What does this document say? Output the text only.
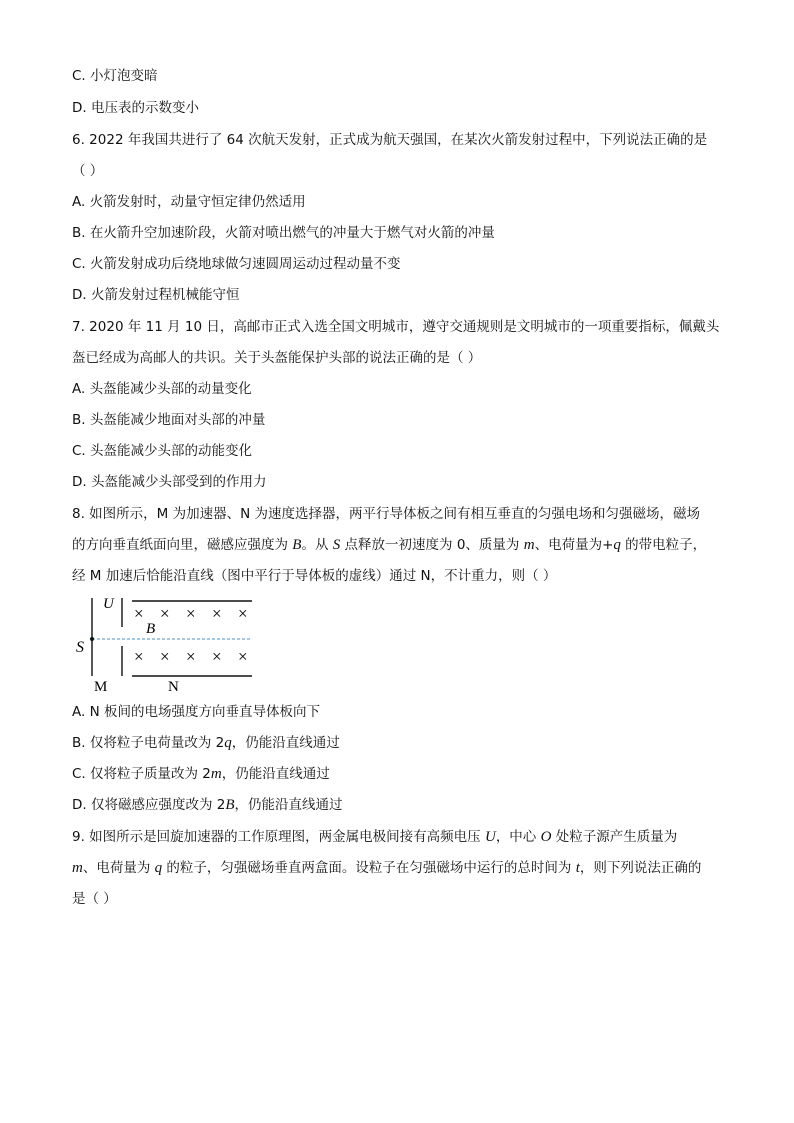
C. 小灯泡变暗
D. 电压表的示数变小
6. 2022 年我国共进行了 64 次航天发射，正式成为航天强国，在某次火箭发射过程中，下列说法正确的是
（ ）
A. 火箭发射时，动量守恒定律仍然适用
B. 在火箭升空加速阶段，火箭对喷出燃气的冲量大于燃气对火箭的冲量
C. 火箭发射成功后绕地球做匀速圆周运动过程动量不变
D. 火箭发射过程机械能守恒
7. 2020 年 11 月 10 日，高邮市正式入选全国文明城市，遵守交通规则是文明城市的一项重要指标，佩戴头
盔已经成为高邮人的共识。关于头盔能保护头部的说法正确的是（ ）
A. 头盔能减少头部的动量变化
B. 头盔能减少地面对头部的冲量
C. 头盔能减少头部的动能变化
D. 头盔能减少头部受到的作用力
8. 如图所示，M 为加速器、N 为速度选择器，两平行导体板之间有相互垂直的匀强电场和匀强磁场，磁场
的方向垂直纸面向里，磁感应强度为 B。从 S 点释放一初速度为 0、质量为 m、电荷量为+q 的带电粒子，
经 M 加速后恰能沿直线（图中平行于导体板的虚线）通过 N，不计重力，则（ ）
U
S
B
M	N
× × × × ×
× × × × ×
A. N 板间的电场强度方向垂直导体板向下
B. 仅将粒子电荷量改为 2q，仍能沿直线通过
C. 仅将粒子质量改为 2m，仍能沿直线通过
D. 仅将磁感应强度改为 2B，仍能沿直线通过
9. 如图所示是回旋加速器的工作原理图，两金属电极间接有高频电压 U，中心 O 处粒子源产生质量为
m、电荷量为 q 的粒子，匀强磁场垂直两盒面。设粒子在匀强磁场中运行的总时间为 t，则下列说法正确的
是（ ）
